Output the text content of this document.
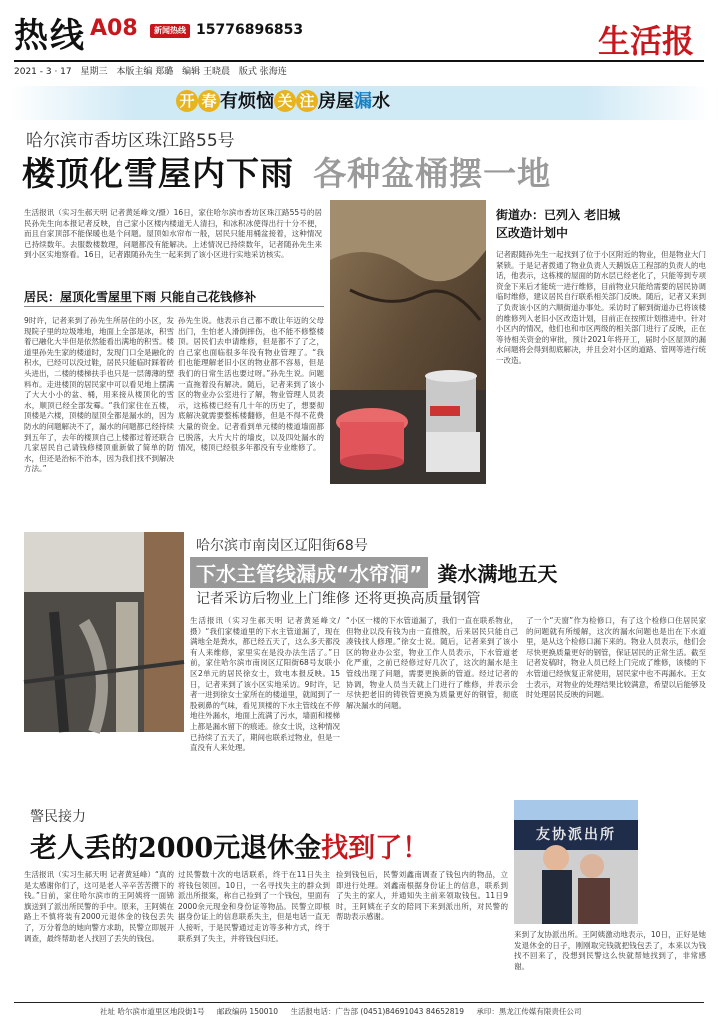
热线 A08	新闻热线 15776896853	生活报
2021 - 3 · 17 星期三 本版主编 郑璐 编辑 王晓晨 版式 张海连
开 春 有烦恼 关 注 房屋漏水
哈尔滨市香坊区珠江路55号
楼顶化雪屋内下雨 各种盆桶摆一地
生活报讯（实习生郝天明 记者黄延峰文/摄）16日，家住哈尔滨市香坊区珠江路55号的居民孙先生向本报记者反映，自己家小区楼内楼道无人清扫，和冰积冰使得出行十分不便，而且自家顶部不能保暖也是个问题。屋顶如水帘布一般，居民只能用桶盆接着，这种情况已持续数年。去服数楼数理，问题都没有能解决。上述情况已持续数年，记者随孙先生来到小区实地察看。16日，记者跟随孙先生一起来到了该小区进行实地采访核实。
街道办：已列入 老旧城区改造计划中
记者跟随孙先生一起找到了位于小区附近的物业，但是物业大门紧锁。于是记者拨通了物业负责人天鹅饭店工程部的负责人的电话，他表示，这栋楼的屋面的防水层已经老化了，只能等到专项资金下来后才能统一进行维修，目前物业只能给需要的居民协调临时维修，建议居民自行联系相关部门反映。随后，记者又来到了负责该小区的六顺街道办事处。采访时了解到街道办已将该楼的维修列入老旧小区改造计划，目前正在按照计划推进中。针对小区内的情况，他们也和市区两级的相关部门进行了反映，正在等待相关资金的审批，预计2021年将开工，届时小区屋顶的漏水问题将会得到彻底解决，并且会对小区的道路、管网等进行统一改造。
居民：屋顶化雪屋里下雨 只能自己花钱修补
9时许，记者来到了孙先生所居住的小区，发现院子里的垃圾堆地，地面上全部是冰，积雪着已融化大半但是依然能看出满地的积雪。楼道里孙先生家的楼道时，发现门口全是融化的积水，已经可以没过鞋，居民只能临时踩着砖头进出，二楼的楼梯扶手也只是一层薄薄的塑料布。走进楼顶的居民家中可以看见地上摆满了大大小小的盆、桶，用来接从楼顶化的雪水，顺顶已经全部发霉。“我们家住在五楼，顶楼是六楼，顶楼的屋顶全都是漏水的，因为防水的问题解决不了，漏水的问题都已经持续到五年了，去年的楼顶自己上楼都过着还联合几家居民自己请钱修楼顶重新做了简单的防水，但还是治标不治本，因为我们找不到解决方法。”
孙先生说。他表示自己都不敢让年迈的父母出门，生怕老人滑倒摔伤，也不能不修整楼顶。居民们去申请维修，但是都不了了之，自己家也面临很多年没有物业管理了。“我们也能理解老旧小区的物业都不容易，但是我们的日常生活也要过呀。”孙先生说。问题一直拖着没有解决。随后，记者来到了该小区的物业办公室进行了解，物业管理人员表示，这栋楼已经有几十年的历史了，想要彻底解决就需要整栋楼翻修，但是不得不花费大量的资金。记者看到单元楼的楼道墙面都已脱落，大片大片的墙皮，以及四处漏水的情况，楼顶已经很多年都没有专业维修了。
哈尔滨市南岗区辽阳街68号
下水主管线漏成“水帘洞” 粪水满地五天
记者采访后物业上门维修 还将更换高质量钢管
生活报讯（实习生郝天明 记者黄延峰文/摄）“我们家楼道里的下水主管道漏了，现在满地全是粪水，都已经五天了，这么多天都没有人来维修，家里实在是没办法生活了。”日前，家住哈尔滨市南岗区辽阳街68号友联小区2单元的居民徐女士，致电本报反映。15日，记者来到了该小区实地采访。9时许，记者一进到徐女士家所在的楼道里，就闻到了一股刺鼻的气味，看见顶楼的下水主管线在不停地往外漏水，地面上流满了污水，墙面和楼梯上都是漏水留下的痕迹。徐女士说，这种情况已持续了五天了，期间也联系过物业，但是一直没有人来处理。
“小区一楼的下水管道漏了，我们一直在联系物业，但物业以没有钱为由一直推脱，后来居民只能自己凑钱找人修理。”徐女士说。随后，记者来到了该小区的物业办公室，物业工作人员表示，下水管道老化严重，之前已经修过好几次了，这次的漏水是主管线出现了问题，需要更换新的管道。经过记者的协调，物业人员当天就上门进行了维修，并表示会尽快把老旧的铸铁管更换为质量更好的钢管，彻底解决漏水的问题。
了一个“天窗”作为检修口，有了这个检修口住居民家的问题就有所缓解，这次的漏水问题也是出在下水道里，是从这个检修口漏下来的。物业人员表示，他们会尽快更换质量更好的钢管，保证居民的正常生活。截至记者发稿时，物业人员已经上门完成了维修，该楼的下水管道已经恢复正常使用，居民家中也不再漏水。王女士表示，对物业的处理结果比较满意，希望以后能够及时处理居民反映的问题。
警民接力
老人丢的2000元退休金找到了！
生活报讯（实习生郝天明 记者黄延峰）“真的是太感谢你们了，这可是老人辛辛苦苦攒下的钱。”日前，家住哈尔滨市的王阿姨将一面锦旗送到了派出所民警的手中。原来，王阿姨在路上不慎将装有2000元退休金的钱包丢失了，万分着急的她向警方求助，民警立即展开调查，最终帮助老人找回了丢失的钱包。
过民警数十次的电话联系，终于在11日失主将钱包领回。10日，一名寻找失主的群众到派出所报案，称自己捡到了一个钱包，里面有2000余元现金和身份证等物品。民警立即根据身份证上的信息联系失主，但是电话一直无人接听，于是民警通过走访等多种方式，终于联系到了失主，并将钱包归还。
捡到钱包后，民警刘鑫南调查了钱包内的物品，立即进行处理。刘鑫南根据身份证上的信息，联系到了失主的家人，并通知失主前来领取钱包。11日9时，王阿姨在子女的陪同下来到派出所，对民警的帮助表示感谢。
友协派出所
来到了友协派出所。王阿姨激动地表示，10日，正好是她发退休金的日子，刚刚取完钱就把钱包丢了，本来以为钱找不回来了，没想到民警这么快就帮她找到了，非常感谢。
社址 哈尔滨市道里区地段街1号 邮政编码 150010 生活报电话：广告部 (0451)84691043 84652819 承印：黑龙江传媒有限责任公司
